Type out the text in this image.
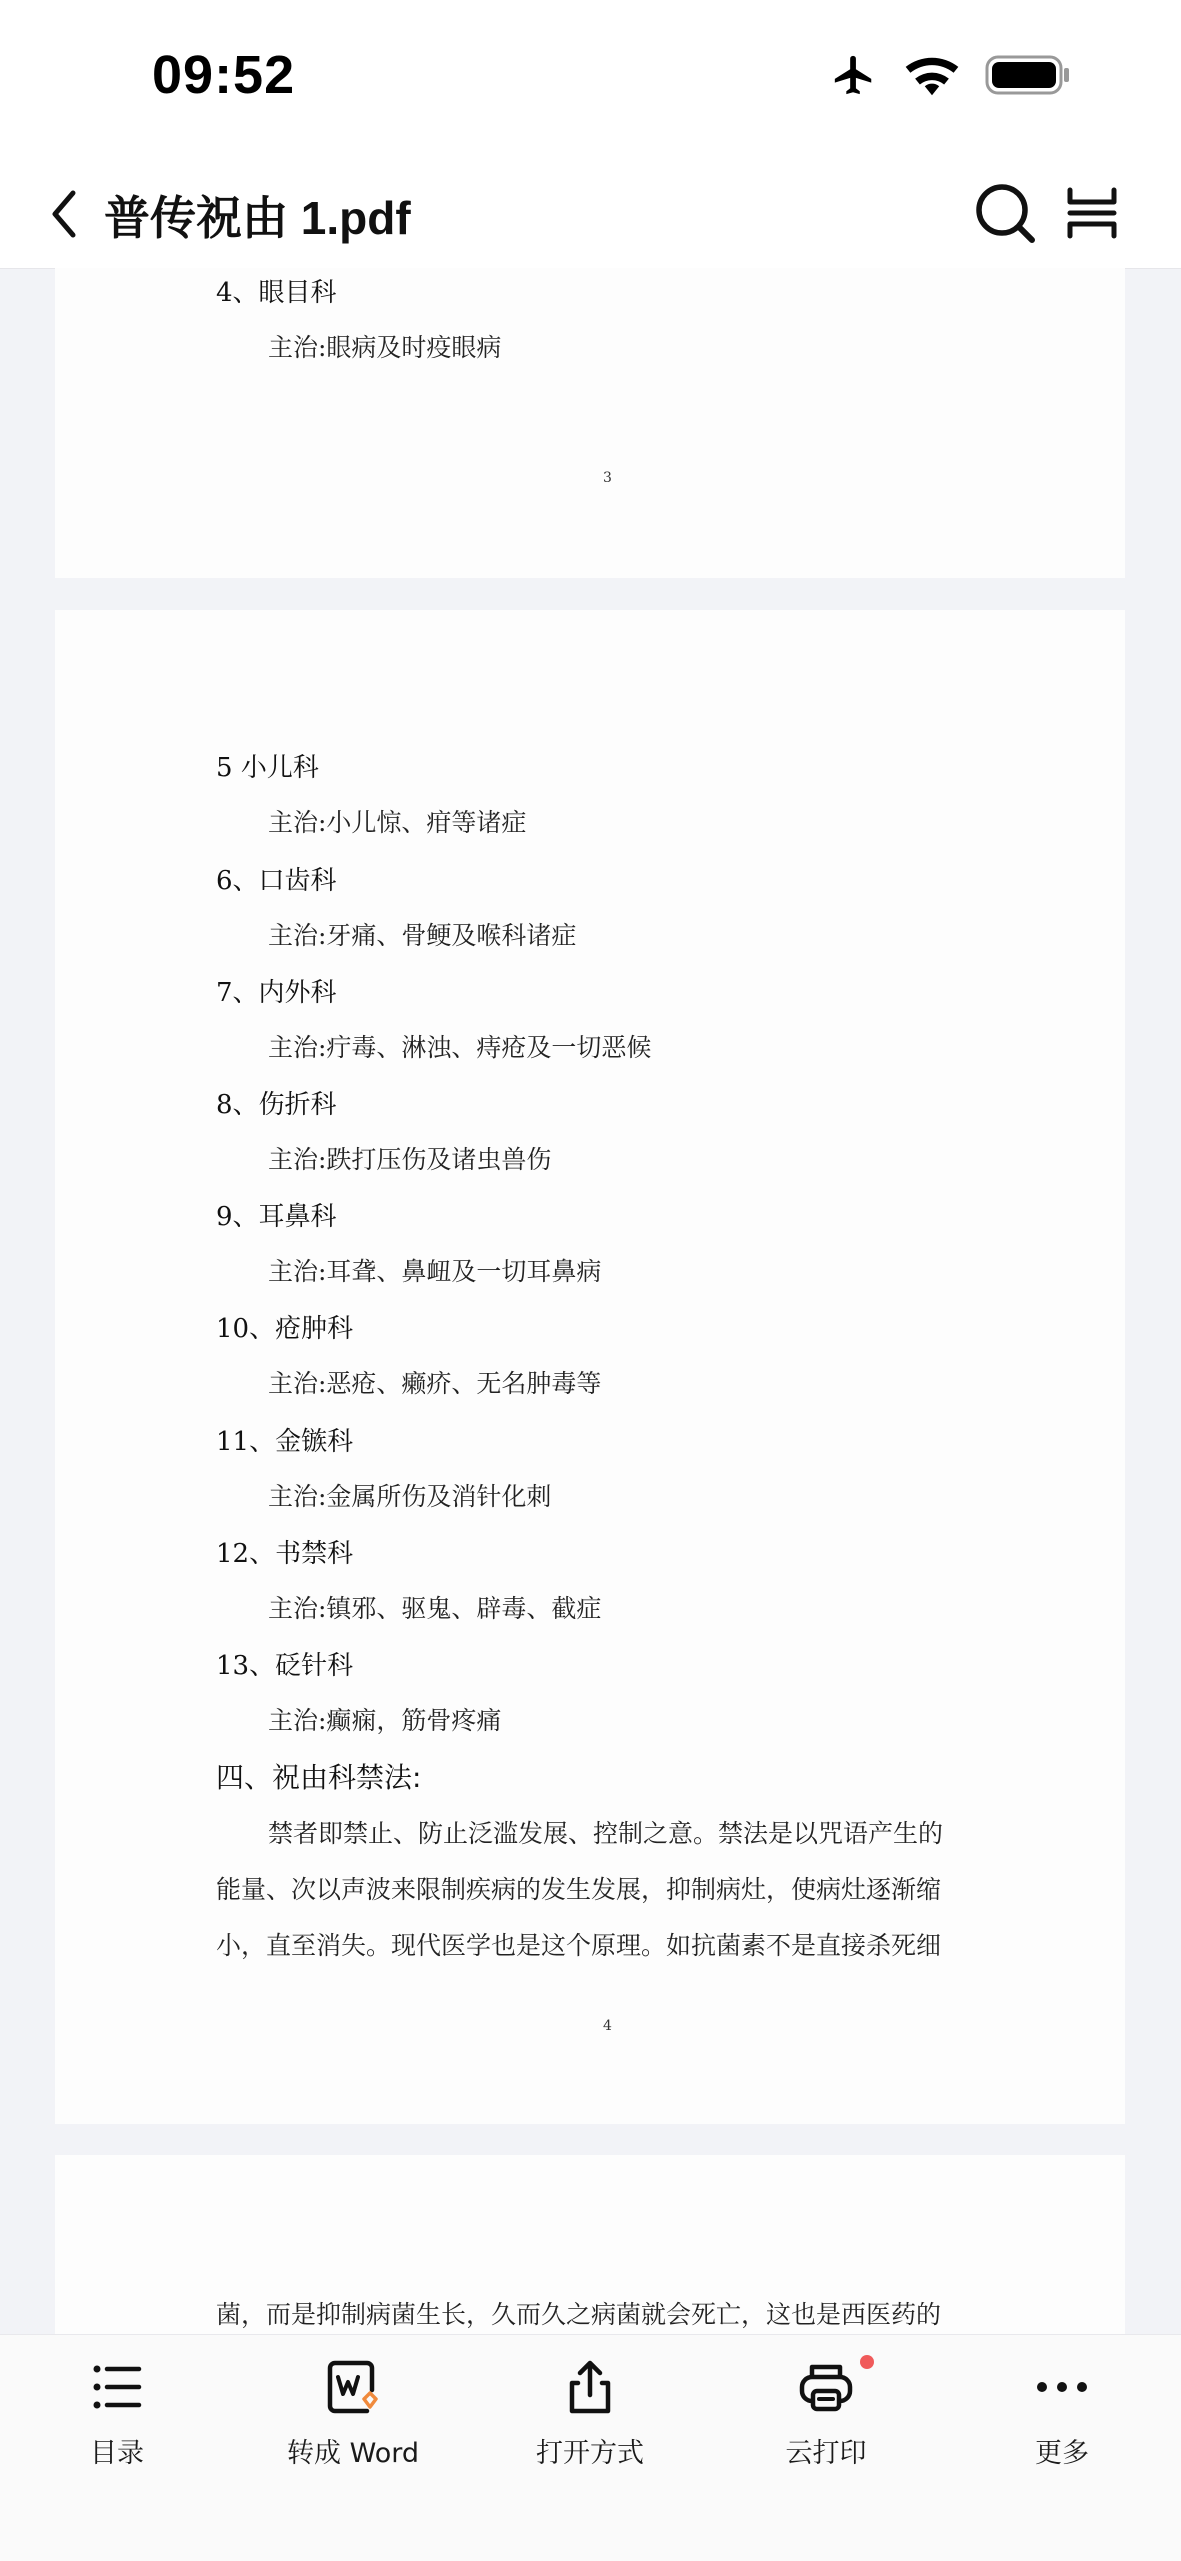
09:52
普传祝由 1.pdf
4、眼目科
主治:眼病及时疫眼病
3
5 小儿科
主治:小儿惊、疳等诸症
6、口齿科
主治:牙痛、骨鲠及喉科诸症
7、内外科
主治:疔毒、淋浊、痔疮及一切恶候
8、伤折科
主治:跌打压伤及诸虫兽伤
9、耳鼻科
主治:耳聋、鼻衄及一切耳鼻病
10、疮肿科
主治:恶疮、癞疥、无名肿毒等
11、金镞科
主治:金属所伤及消针化刺
12、书禁科
主治:镇邪、驱鬼、辟毒、截症
13、砭针科
主治:癫痫，筋骨疼痛
四、祝由科禁法:
禁者即禁止、防止泛滥发展、控制之意。禁法是以咒语产生的
能量、次以声波来限制疾病的发生发展，抑制病灶，使病灶逐渐缩
小，直至消失。现代医学也是这个原理。如抗菌素不是直接杀死细
4
菌，而是抑制病菌生长，久而久之病菌就会死亡，这也是西医药的
目录	转成 Word	打开方式	云打印	更多
